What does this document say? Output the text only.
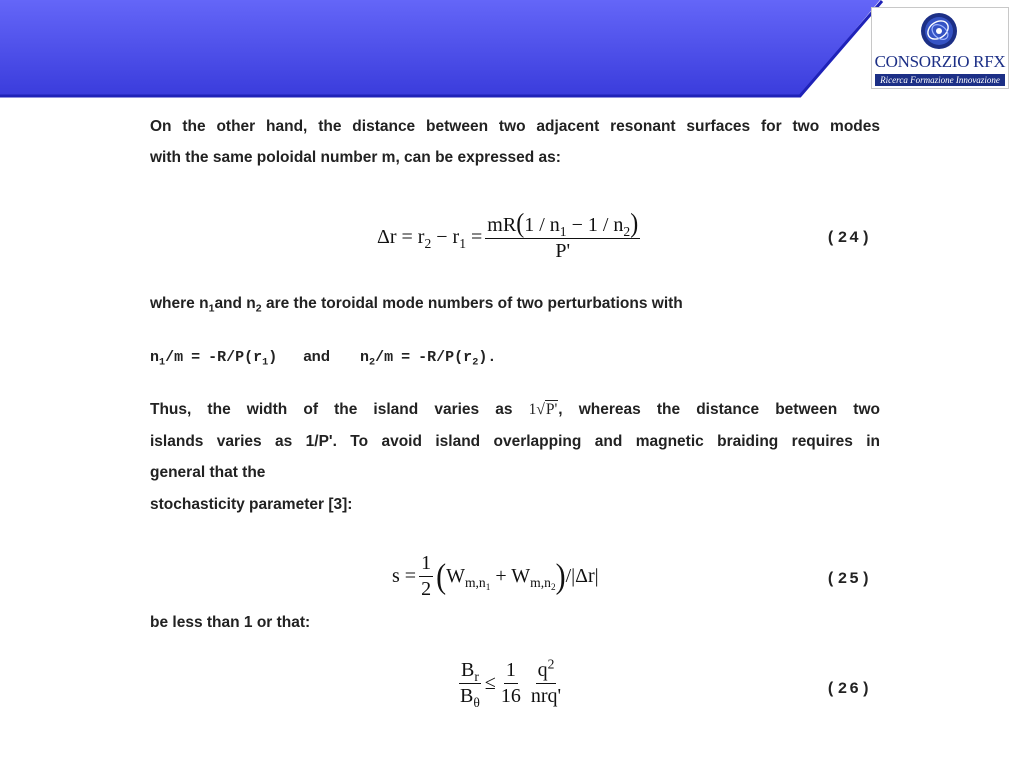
CONSORZIO RFX
Ricerca Formazione Innovazione

On the other hand, the distance between two adjacent resonant surfaces for two modes

with the same poloidal number m, can be expressed as:

$\Delta r = r_2 - r_1 = \frac{mR(1 / n_1 - 1 / n_2)}{P'}$	(24)

where $n_1and$ $n_2$ are the toroidal mode numbers of two perturbations with

$n_1/m = -R/P(r_1)$ and $n_2/m = -R/P(r_2)$.

Thus, the width of the island varies as 1√P', whereas the distance between two

islands varies as 1/P'. To avoid island overlapping and magnetic braiding requires in

general that the

stochasticity parameter [3]:

$s = \frac{1}{2}$ ( $W_{m,n_1} + W_{m,n_2}$ ) /|Δr|	(25)

be less than 1 or that:

$\frac{B_r}{B_\theta} \le \frac{1}{16} \frac{q^2}{\text{nrq'}}$	(26)
